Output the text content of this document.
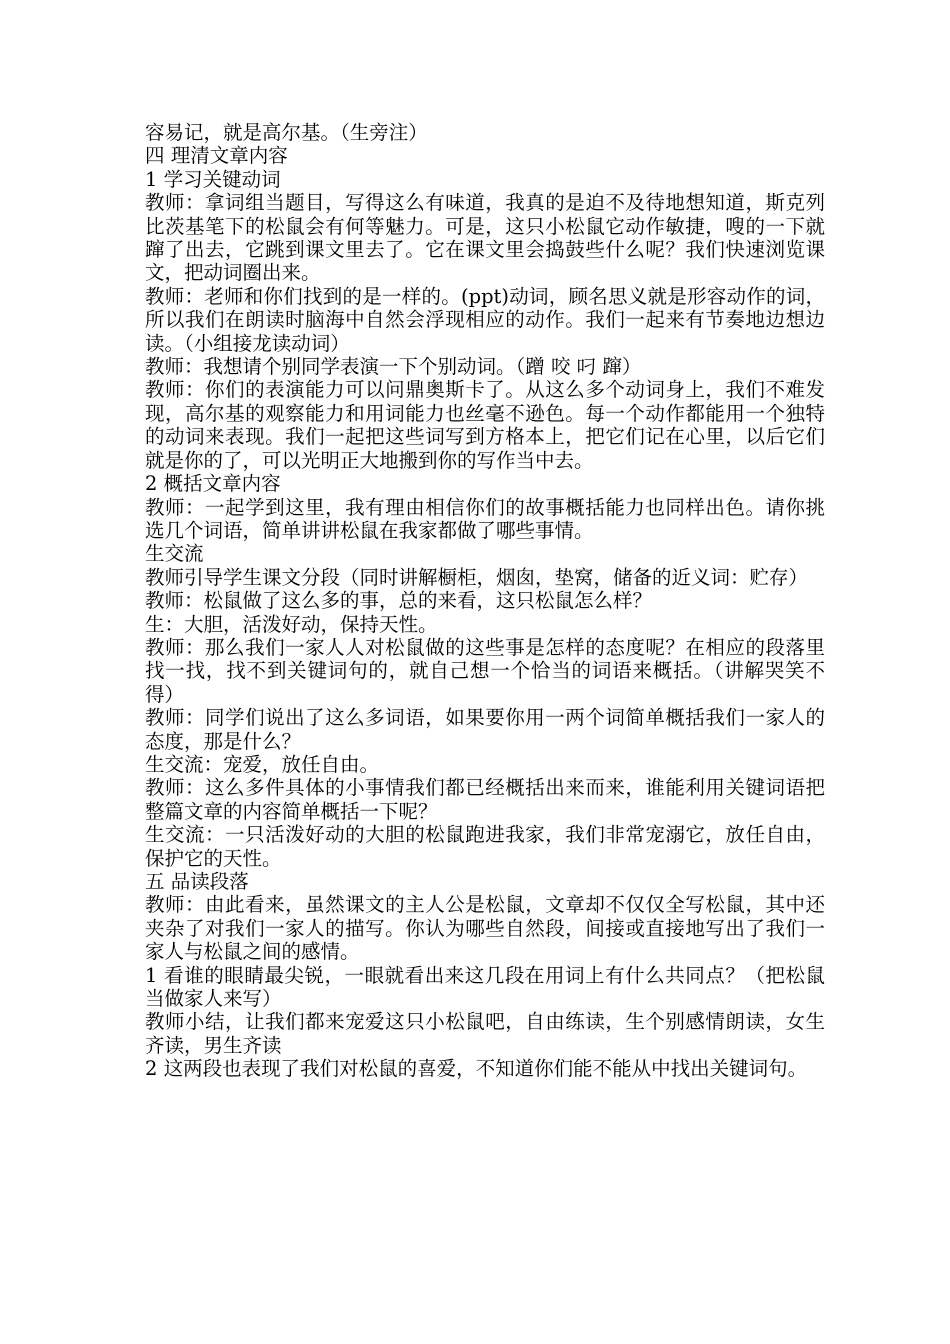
容易记，就是高尔基。（生旁注）

四 理清文章内容

1 学习关键动词

教师：拿词组当题目，写得这么有味道，我真的是迫不及待地想知道，斯克列比茨基笔下的松鼠会有何等魅力。可是，这只小松鼠它动作敏捷，嗖的一下就蹿了出去，它跳到课文里去了。它在课文里会捣鼓些什么呢？我们快速浏览课文，把动词圈出来。

教师：老师和你们找到的是一样的。(ppt)动词，顾名思义就是形容动作的词，所以我们在朗读时脑海中自然会浮现相应的动作。我们一起来有节奏地边想边读。（小组接龙读动词）

教师：我想请个别同学表演一下个别动词。（蹭 咬 叼 蹿）

教师：你们的表演能力可以问鼎奥斯卡了。从这么多个动词身上，我们不难发现，高尔基的观察能力和用词能力也丝毫不逊色。每一个动作都能用一个独特的动词来表现。我们一起把这些词写到方格本上，把它们记在心里，以后它们就是你的了，可以光明正大地搬到你的写作当中去。

2 概括文章内容

教师：一起学到这里，我有理由相信你们的故事概括能力也同样出色。请你挑选几个词语，简单讲讲松鼠在我家都做了哪些事情。

生交流

教师引导学生课文分段（同时讲解橱柜，烟囱，垫窝，储备的近义词：贮存）

教师：松鼠做了这么多的事，总的来看，这只松鼠怎么样？

生：大胆，活泼好动，保持天性。

教师：那么我们一家人人对松鼠做的这些事是怎样的态度呢？在相应的段落里找一找，找不到关键词句的，就自己想一个恰当的词语来概括。（讲解哭笑不得）

教师：同学们说出了这么多词语，如果要你用一两个词简单概括我们一家人的态度，那是什么？

生交流：宠爱，放任自由。

教师：这么多件具体的小事情我们都已经概括出来而来，谁能利用关键词语把整篇文章的内容简单概括一下呢？

生交流：一只活泼好动的大胆的松鼠跑进我家，我们非常宠溺它，放任自由，保护它的天性。

五 品读段落

教师：由此看来，虽然课文的主人公是松鼠，文章却不仅仅全写松鼠，其中还夹杂了对我们一家人的描写。你认为哪些自然段，间接或直接地写出了我们一家人与松鼠之间的感情。

1 看谁的眼睛最尖锐，一眼就看出来这几段在用词上有什么共同点？（把松鼠当做家人来写）

教师小结，让我们都来宠爱这只小松鼠吧，自由练读，生个别感情朗读，女生齐读，男生齐读

2 这两段也表现了我们对松鼠的喜爱，不知道你们能不能从中找出关键词句。
